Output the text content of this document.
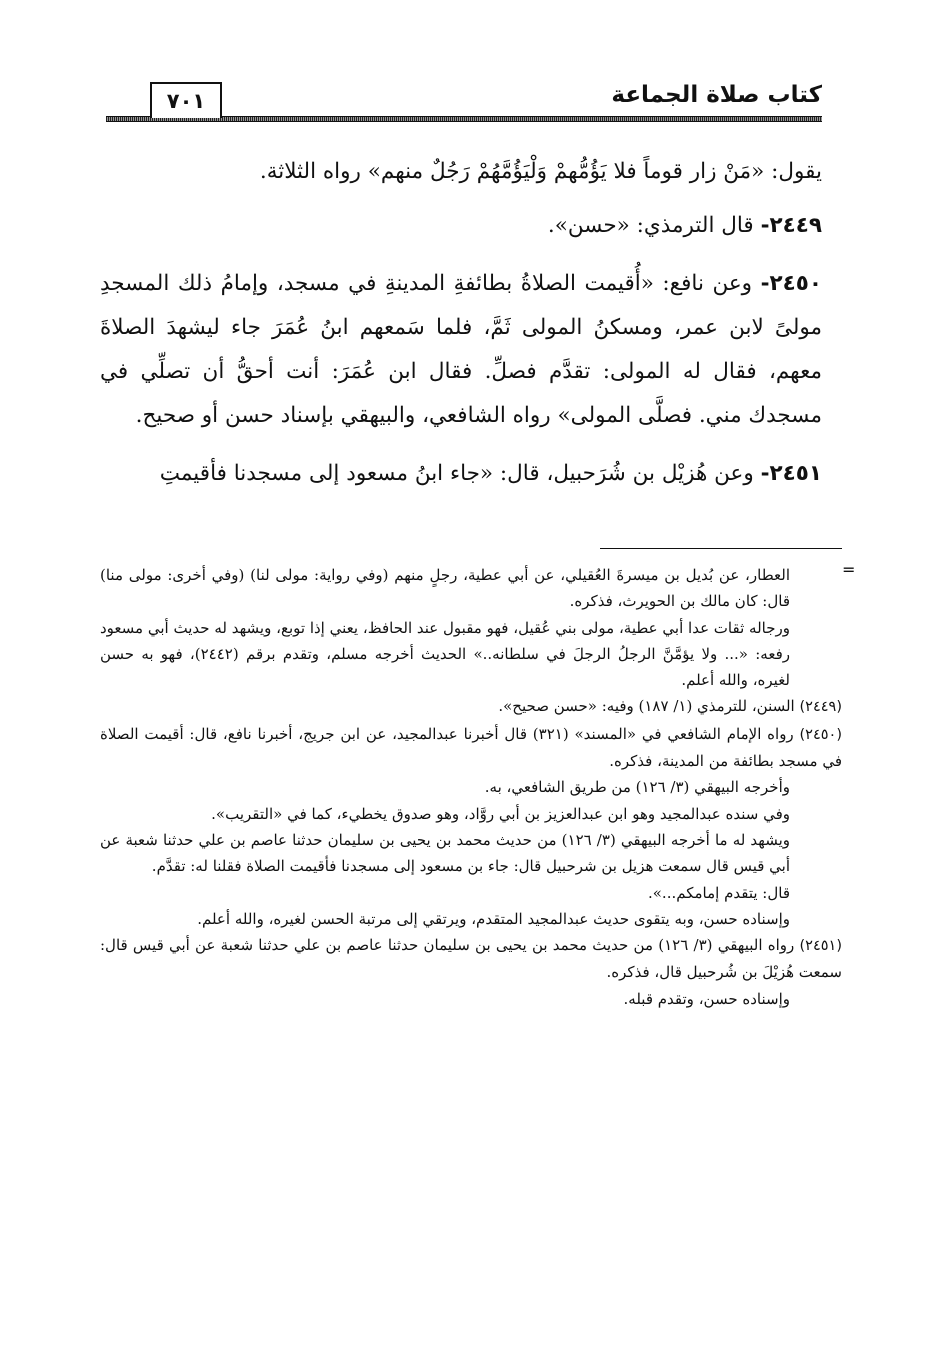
كتاب صلاة الجماعة
٧٠١

يقول: «مَنْ زار قوماً فلا يَؤُمُّهمْ وَلْيَؤُمَّهُمْ رَجُلٌ منهم» رواه الثلاثة.

٢٤٤٩- قال الترمذي: «حسن».

٢٤٥٠- وعن نافع: «أُقيمت الصلاةُ بطائفةِ المدينةِ في مسجد، وإمامُ ذلك المسجدِ مولىً لابن عمر، ومسكنُ المولى ثَمَّ، فلما سَمعهم ابنُ عُمَرَ جاء ليشهدَ الصلاةَ معهم، فقال له المولى: تقدَّم فصلِّ. فقال ابن عُمَرَ: أنت أحقُّ أن تصلِّي في مسجدك مني. فصلَّى المولى» رواه الشافعي، والبيهقي بإسناد حسن أو صحيح.

٢٤٥١- وعن هُزيْل بن شُرَحبيل، قال: «جاء ابنُ مسعود إلى مسجدنا فأقيمتِ

=

العطار، عن بُديل بن ميسرةَ العُقيلي، عن أبي عطية، رجلٍ منهم (وفي رواية: مولى لنا) (وفي أخرى: مولى منا) قال: كان مالك بن الحويرث، فذكره.

ورجاله ثقات عدا أبي عطية، مولى بني عُقيل، فهو مقبول عند الحافظ، يعني إذا توبع، ويشهد له حديث أبي مسعود رفعه: «... ولا يؤمَّنَّ الرجلُ الرجلَ في سلطانه..» الحديث أخرجه مسلم، وتقدم برقم (٢٤٤٢)، فهو به حسن لغيره، والله أعلم.

(٢٤٤٩) السنن، للترمذي (١/ ١٨٧) وفيه: «حسن صحيح».

(٢٤٥٠) رواه الإمام الشافعي في «المسند» (٣٢١) قال أخبرنا عبدالمجيد، عن ابن جريج، أخبرنا نافع، قال: أقيمت الصلاة في مسجد بطائفة من المدينة، فذكره.

وأخرجه البيهقي (٣/ ١٢٦) من طريق الشافعي، به.

وفي سنده عبدالمجيد وهو ابن عبدالعزيز بن أبي روَّاد، وهو صدوق يخطيء، كما في «التقريب».

ويشهد له ما أخرجه البيهقي (٣/ ١٢٦) من حديث محمد بن يحيى بن سليمان حدثنا عاصم بن علي حدثنا شعبة عن أبي قيس قال سمعت هزيل بن شرحبيل قال: جاء بن مسعود إلى مسجدنا فأقيمت الصلاة فقلنا له: تقدَّم.

قال: يتقدم إمامكم...».

وإسناده حسن، وبه يتقوى حديث عبدالمجيد المتقدم، ويرتقي إلى مرتبة الحسن لغيره، والله أعلم.

(٢٤٥١) رواه البيهقي (٣/ ١٢٦) من حديث محمد بن يحيى بن سليمان حدثنا عاصم بن علي حدثنا شعبة عن أبي قيس قال: سمعت هُزيْلَ بن شُرحبيل قال، فذكره.

وإسناده حسن، وتقدم قبله.
